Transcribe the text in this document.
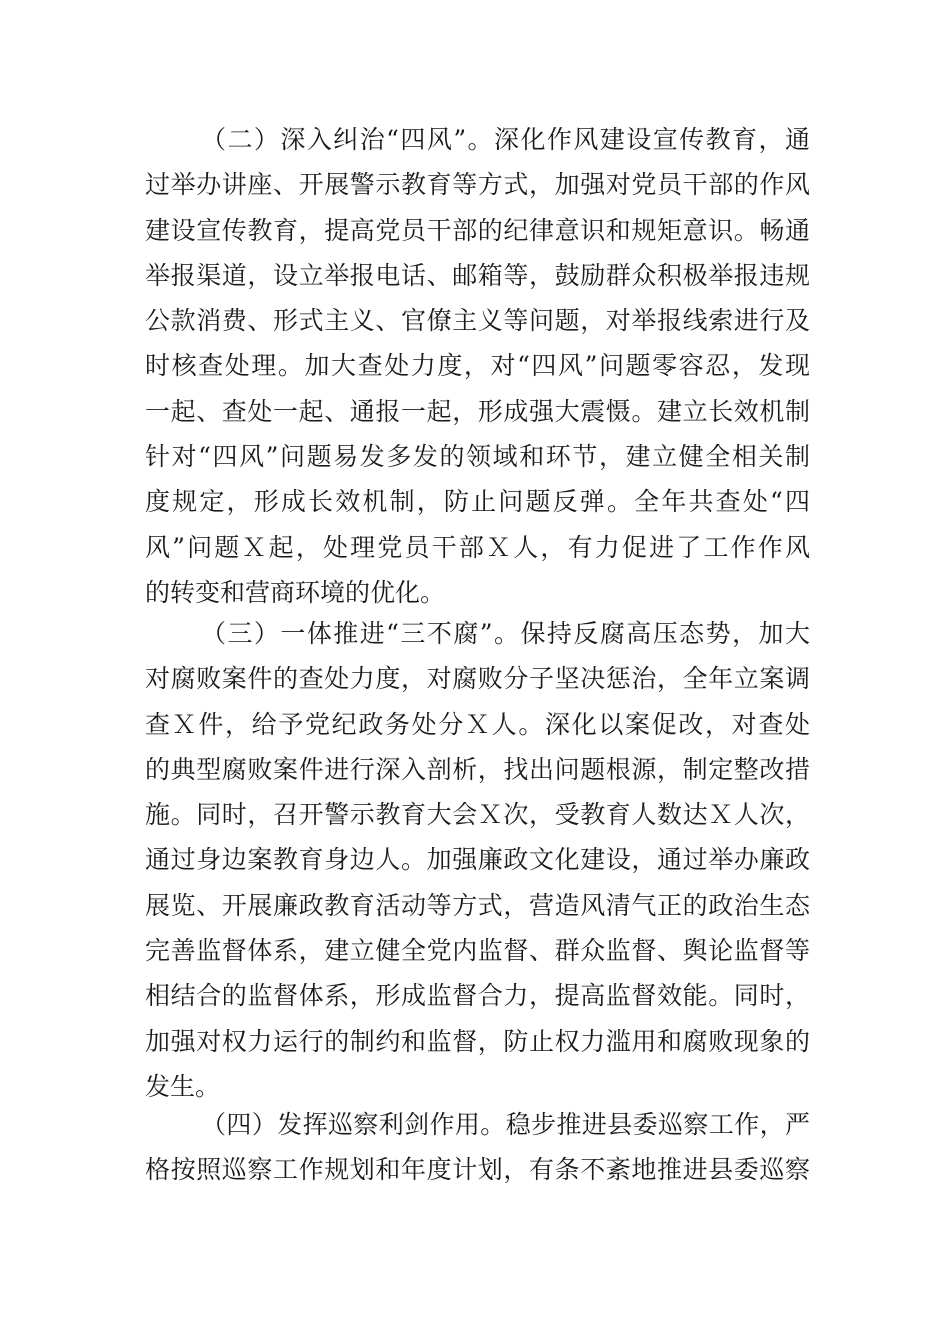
（二）深入纠治“四风”。深化作风建设宣传教育，通
过举办讲座、开展警示教育等方式，加强对党员干部的作风
建设宣传教育，提高党员干部的纪律意识和规矩意识。畅通
举报渠道，设立举报电话、邮箱等，鼓励群众积极举报违规
公款消费、形式主义、官僚主义等问题，对举报线索进行及
时核查处理。加大查处力度，对“四风”问题零容忍，发现
一起、查处一起、通报一起，形成强大震慑。建立长效机制
针对“四风”问题易发多发的领域和环节，建立健全相关制
度规定，形成长效机制，防止问题反弹。全年共查处“四
风”问题Ｘ起，处理党员干部Ｘ人，有力促进了工作作风
的转变和营商环境的优化。
（三）一体推进“三不腐”。保持反腐高压态势，加大
对腐败案件的查处力度，对腐败分子坚决惩治，全年立案调
查Ｘ件，给予党纪政务处分Ｘ人。深化以案促改，对查处
的典型腐败案件进行深入剖析，找出问题根源，制定整改措
施。同时，召开警示教育大会Ｘ次，受教育人数达Ｘ人次，
通过身边案教育身边人。加强廉政文化建设，通过举办廉政
展览、开展廉政教育活动等方式，营造风清气正的政治生态
完善监督体系，建立健全党内监督、群众监督、舆论监督等
相结合的监督体系，形成监督合力，提高监督效能。同时，
加强对权力运行的制约和监督，防止权力滥用和腐败现象的
发生。
（四）发挥巡察利剑作用。稳步推进县委巡察工作，严
格按照巡察工作规划和年度计划，有条不紊地推进县委巡察
